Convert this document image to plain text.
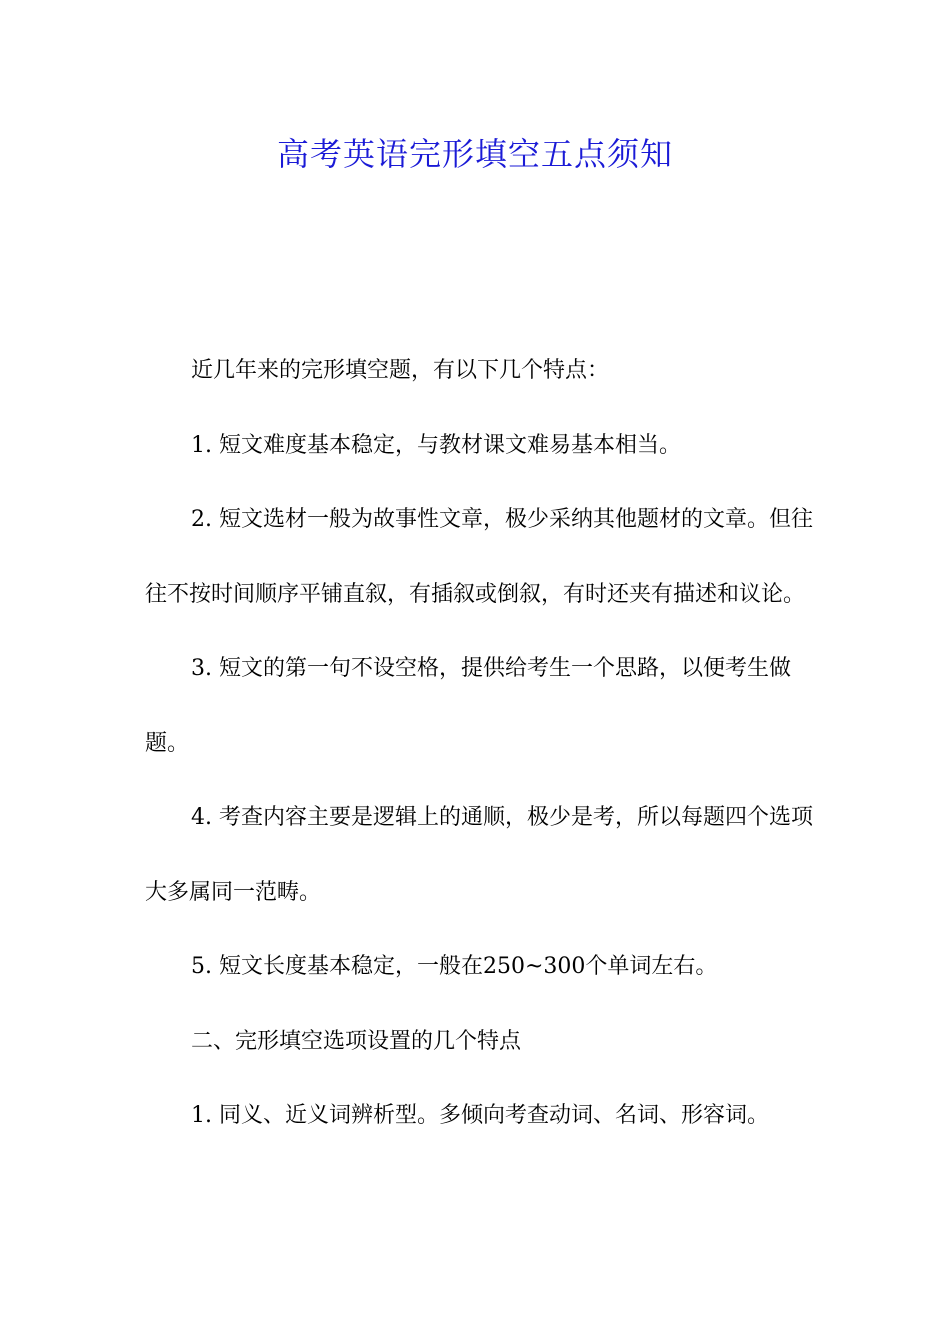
高考英语完形填空五点须知

近几年来的完形填空题，有以下几个特点：

1. 短文难度基本稳定，与教材课文难易基本相当。

2. 短文选材一般为故事性文章，极少采纳其他题材的文章。但往往不按时间顺序平铺直叙，有插叙或倒叙，有时还夹有描述和议论。

3. 短文的第一句不设空格，提供给考生一个思路，以便考生做题。

4. 考查内容主要是逻辑上的通顺，极少是考，所以每题四个选项大多属同一范畴。

5. 短文长度基本稳定，一般在250~300个单词左右。

二、完形填空选项设置的几个特点

1. 同义、近义词辨析型。多倾向考查动词、名词、形容词。
